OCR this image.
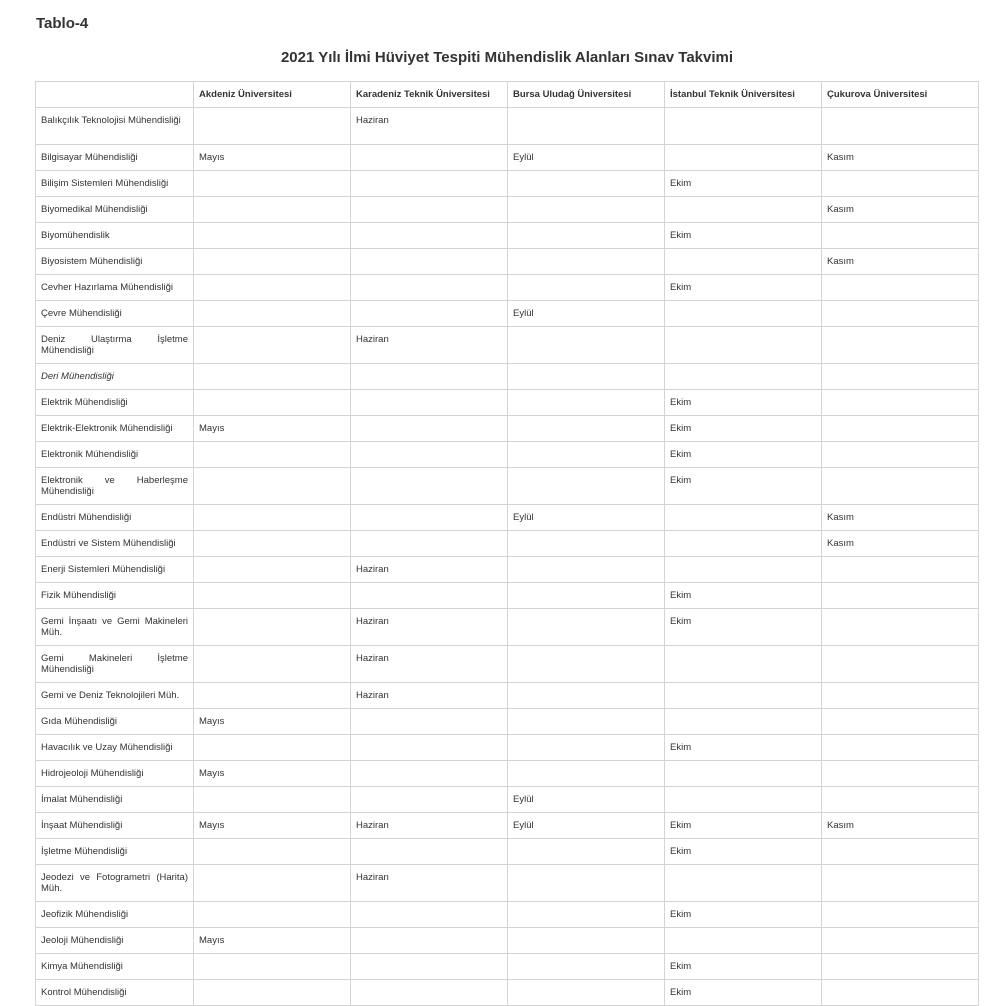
Tablo-4
2021 Yılı İlmi Hüviyet Tespiti Mühendislik Alanları Sınav Takvimi
	Akdeniz Üniversitesi	Karadeniz Teknik Üniversitesi	Bursa Uludağ Üniversitesi	İstanbul Teknik Üniversitesi	Çukurova Üniversitesi
Balıkçılık Teknolojisi Mühendisliği		Haziran			
Bilgisayar Mühendisliği	Mayıs		Eylül		Kasım
Bilişim Sistemleri Mühendisliği				Ekim	
Biyomedikal Mühendisliği					Kasım
Biyomühendislik				Ekim	
Biyosistem Mühendisliği					Kasım
Cevher Hazırlama Mühendisliği				Ekim	
Çevre Mühendisliği			Eylül		
Deniz Ulaştırma İşletme Mühendisliği		Haziran			
Deri Mühendisliği					
Elektrik Mühendisliği				Ekim	
Elektrik-Elektronik Mühendisliği	Mayıs			Ekim	
Elektronik Mühendisliği				Ekim	
Elektronik ve Haberleşme Mühendisliği				Ekim	
Endüstri Mühendisliği			Eylül		Kasım
Endüstri ve Sistem Mühendisliği					Kasım
Enerji Sistemleri Mühendisliği		Haziran			
Fizik Mühendisliği				Ekim	
Gemi İnşaatı ve Gemi Makineleri Müh.		Haziran		Ekim	
Gemi Makineleri İşletme Mühendisliği		Haziran			
Gemi ve Deniz Teknolojileri Müh.		Haziran			
Gıda Mühendisliği	Mayıs				
Havacılık ve Uzay Mühendisliği				Ekim	
Hidrojeoloji Mühendisliği	Mayıs				
İmalat Mühendisliği			Eylül		
İnşaat Mühendisliği	Mayıs	Haziran	Eylül	Ekim	Kasım
İşletme Mühendisliği				Ekim	
Jeodezi ve Fotogrametri (Harita) Müh.		Haziran			
Jeofizik Mühendisliği				Ekim	
Jeoloji Mühendisliği	Mayıs				
Kimya Mühendisliği				Ekim	
Kontrol Mühendisliği				Ekim	
